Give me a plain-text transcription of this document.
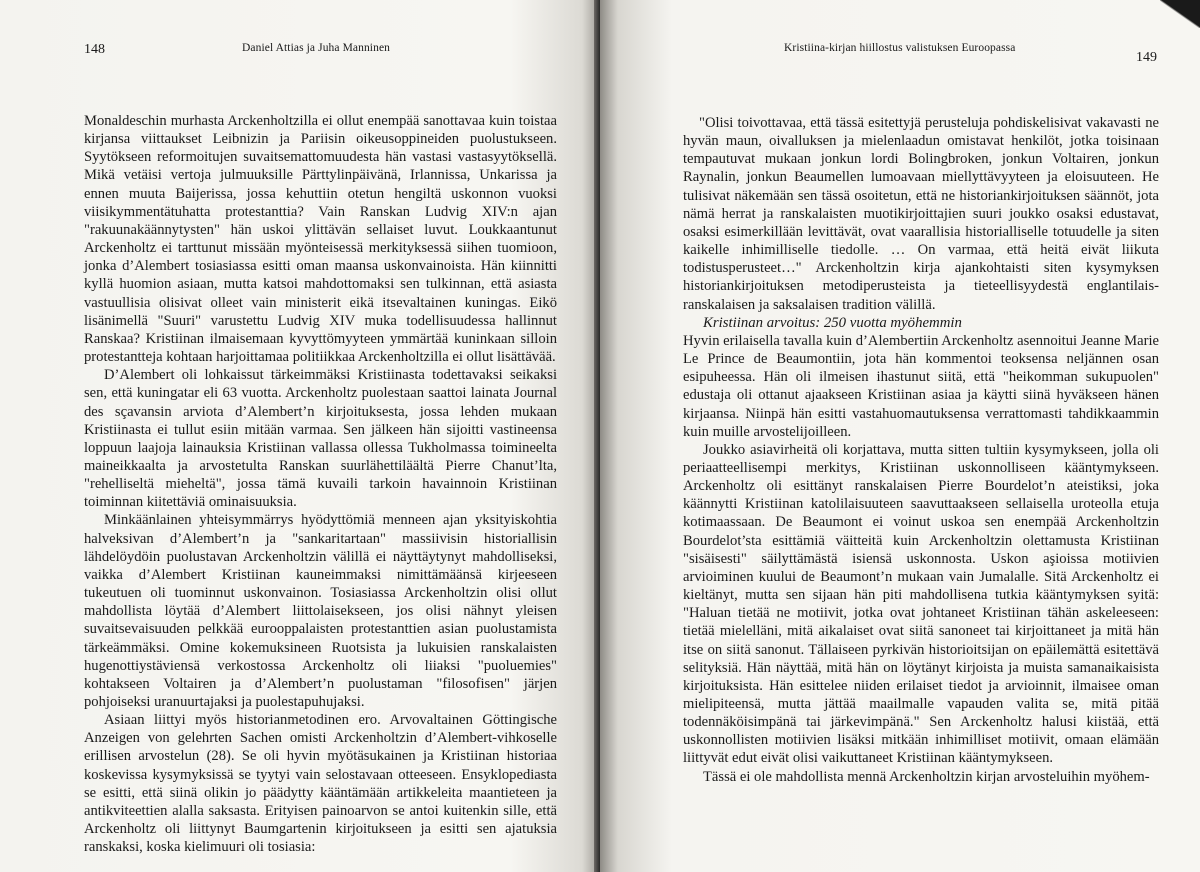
148	Daniel Attias ja Juha Manninen

Monaldeschin murhasta Arckenholtzilla ei ollut enempää sanottavaa kuin toistaa kirjansa viittaukset Leibnizin ja Pariisin oikeusoppineiden puolustukseen. Syytökseen reformoitujen suvaitsemattomuudesta hän vastasi vastasyytöksellä. Mikä vetäisi vertoja julmuuksille Pärttylinpäivänä, Irlannissa, Unkarissa ja ennen muuta Baijerissa, jossa kehuttiin otetun hengiltä uskonnon vuoksi viisikymmentätuhatta protestanttia? Vain Ranskan Ludvig XIV:n ajan "rakuunakäännytysten" hän uskoi ylittävän sellaiset luvut. Loukkaantunut Arckenholtz ei tarttunut missään myönteisessä merkityksessä siihen tuomioon, jonka d’Alembert tosiasiassa esitti oman maansa uskonvainoista. Hän kiinnitti kyllä huomion asiaan, mutta katsoi mahdottomaksi sen tulkinnan, että asiasta vastuullisia olisivat olleet vain ministerit eikä itsevaltainen kuningas. Eikö lisänimellä "Suuri" varustettu Ludvig XIV muka todellisuudessa hallinnut Ranskaa? Kristiinan ilmaisemaan kyvyttömyyteen ymmärtää kuninkaan silloin protestantteja kohtaan harjoittamaa politiikkaa Arckenholtzilla ei ollut lisättävää.

D’Alembert oli lohkaissut tärkeimmäksi Kristiinasta todettavaksi seikaksi sen, että kuningatar eli 63 vuotta. Arckenholtz puolestaan saattoi lainata Journal des sçavansin arviota d’Alembert’n kirjoituksesta, jossa lehden mukaan Kristiinasta ei tullut esiin mitään varmaa. Sen jälkeen hän sijoitti vastineensa loppuun laajoja lainauksia Kristiinan vallassa ollessa Tukholmassa toimineelta maineikkaalta ja arvostetulta Ranskan suurlähettiläältä Pierre Chanut’lta, "rehelliseltä mieheltä", jossa tämä kuvaili tarkoin havainnoin Kristiinan toiminnan kiitettäviä ominaisuuksia.

Minkäänlainen yhteisymmärrys hyödyttömiä menneen ajan yksityiskohtia halveksivan d’Alembert’n ja "sankaritartaan" massiivisin historiallisin lähdelöydöin puolustavan Arckenholtzin välillä ei näyttäytynyt mahdolliseksi, vaikka d’Alembert Kristiinan kauneimmaksi nimittämäänsä kirjeeseen tukeutuen oli tuominnut uskonvainon. Tosiasiassa Arckenholtzin olisi ollut mahdollista löytää d’Alembert liittolaisekseen, jos olisi nähnyt yleisen suvaitsevaisuuden pelkkää eurooppalaisten protestanttien asian puolustamista tärkeämmäksi. Omine kokemuksineen Ruotsista ja lukuisien ranskalaisten hugenottiystäviensä verkostossa Arckenholtz oli liiaksi "puoluemies" kohtakseen Voltairen ja d’Alembert’n puolustaman "filosofisen" järjen pohjoiseksi uranuurtajaksi ja puolestapuhujaksi.

Asiaan liittyi myös historianmetodinen ero. Arvovaltainen Göttingische Anzeigen von gelehrten Sachen omisti Arckenholtzin d’Alembert-vihkoselle erillisen arvostelun (28). Se oli hyvin myötäsukainen ja Kristiinan historiaa koskevissa kysymyksissä se tyytyi vain selostavaan otteeseen. Ensyklopediasta se esitti, että siinä olikin jo päädytty kääntämään artikkeleita maantieteen ja antikviteettien alalla saksasta. Erityisen painoarvon se antoi kuitenkin sille, että Arckenholtz oli liittynyt Baumgartenin kirjoitukseen ja esitti sen ajatuksia ranskaksi, koska kielimuuri oli tosiasia:

Kristiina-kirjan hiillostus valistuksen Euroopassa
149

"Olisi toivottavaa, että tässä esitettyjä perusteluja pohdiskelisivat vakavasti ne hyvän maun, oivalluksen ja mielenlaadun omistavat henkilöt, jotka toisinaan tempautuvat mukaan jonkun lordi Bolingbroken, jonkun Voltairen, jonkun Raynalin, jonkun Beaumellen lumoavaan miellyttävyyteen ja eloisuuteen. He tulisivat näkemään sen tässä osoitetun, että ne historiankirjoituksen säännöt, jota nämä herrat ja ranskalaisten muotikirjoittajien suuri joukko osaksi edustavat, osaksi esimerkillään levittävät, ovat vaarallisia historialliselle totuudelle ja siten kaikelle inhimilliselle tiedolle. … On varmaa, että heitä eivät liikuta todistusperusteet…" Arckenholtzin kirja ajankohtaisti siten kysymyksen historiankirjoituksen metodiperusteista ja tieteellisyydestä englantilais-ranskalaisen ja saksalaisen tradition välillä.

Kristiinan arvoitus: 250 vuotta myöhemmin

Hyvin erilaisella tavalla kuin d’Alembertiin Arckenholtz asennoitui Jeanne Marie Le Prince de Beaumontiin, jota hän kommentoi teoksensa neljännen osan esipuheessa. Hän oli ilmeisen ihastunut siitä, että "heikomman sukupuolen" edustaja oli ottanut ajaakseen Kristiinan asiaa ja käytti siinä hyväkseen hänen kirjaansa. Niinpä hän esitti vastahuomautuksensa verrattomasti tahdikkaammin kuin muille arvostelijoilleen.

Joukko asiavirheitä oli korjattava, mutta sitten tultiin kysymykseen, jolla oli periaatteellisempi merkitys, Kristiinan uskonnolliseen kääntymykseen. Arckenholtz oli esittänyt ranskalaisen Pierre Bourdelot’n ateistiksi, joka käännytti Kristiinan katolilaisuuteen saavuttaakseen sellaisella uroteolla etuja kotimaassaan. De Beaumont ei voinut uskoa sen enempää Arckenholtzin Bourdelot’sta esittämiä väitteitä kuin Arckenholtzin olettamusta Kristiinan "sisäisesti" säilyttämästä isiensä uskonnosta. Uskon aşioissa motiivien arvioiminen kuului de Beaumont’n mukaan vain Jumalalle. Sitä Arckenholtz ei kieltänyt, mutta sen sijaan hän piti mahdollisena tutkia kääntymyksen syitä: "Haluan tietää ne motiivit, jotka ovat johtaneet Kristiinan tähän askeleeseen: tietää mielelläni, mitä aikalaiset ovat siitä sanoneet tai kirjoittaneet ja mitä hän itse on siitä sanonut. Tällaiseen pyrkivän historioitsijan on epäilemättä esitettävä selityksiä. Hän näyttää, mitä hän on löytänyt kirjoista ja muista samanaikaisista kirjoituksista. Hän esittelee niiden erilaiset tiedot ja arvioinnit, ilmaisee oman mielipiteensä, mutta jättää maailmalle vapauden valita se, mitä pitää todennäköisimpänä tai järkevimpänä." Sen Arckenholtz halusi kiistää, että uskonnollisten motiivien lisäksi mitkään inhimilliset motiivit, omaan elämään liittyvät edut eivät olisi vaikuttaneet Kristiinan kääntymykseen.

Tässä ei ole mahdollista mennä Arckenholtzin kirjan arvosteluihin myöhem-
